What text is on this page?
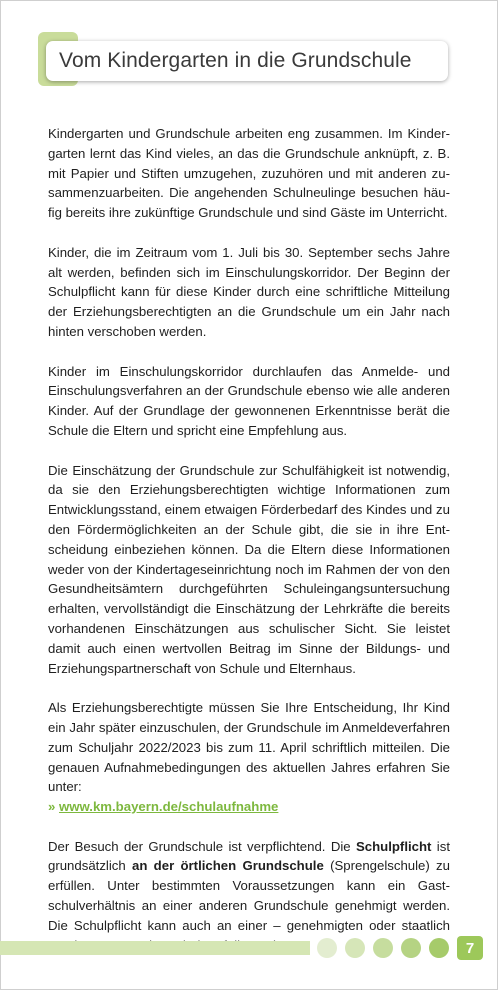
Vom Kindergarten in die Grundschule

Kindergarten und Grundschule arbeiten eng zusammen. Im Kindergarten lernt das Kind vieles, an das die Grundschule anknüpft, z. B. mit Papier und Stiften umzugehen, zuzuhören und mit anderen zusammenzuarbeiten. Die angehenden Schulneulinge besuchen häufig bereits ihre zukünftige Grundschule und sind Gäste im Unterricht.

Kinder, die im Zeitraum vom 1. Juli bis 30. September sechs Jahre alt werden, befinden sich im Einschulungskorridor. Der Beginn der Schulpflicht kann für diese Kinder durch eine schriftliche Mitteilung der Erziehungsberechtigten an die Grundschule um ein Jahr nach hinten verschoben werden.

Kinder im Einschulungskorridor durchlaufen das Anmelde- und Einschulungsverfahren an der Grundschule ebenso wie alle anderen Kinder. Auf der Grundlage der gewonnenen Erkenntnisse berät die Schule die Eltern und spricht eine Empfehlung aus.

Die Einschätzung der Grundschule zur Schulfähigkeit ist notwendig, da sie den Erziehungsberechtigten wichtige Informationen zum Entwicklungsstand, einem etwaigen Förderbedarf des Kindes und zu den Fördermöglichkeiten an der Schule gibt, die sie in ihre Entscheidung einbeziehen können. Da die Eltern diese Informationen weder von der Kindertageseinrichtung noch im Rahmen der von den Gesundheitsämtern durchgeführten Schuleingangsuntersuchung erhalten, vervollständigt die Einschätzung der Lehrkräfte die bereits vorhandenen Einschätzungen aus schulischer Sicht. Sie leistet damit auch einen wertvollen Beitrag im Sinne der Bildungs- und Erziehungspartnerschaft von Schule und Elternhaus.

Als Erziehungsberechtigte müssen Sie Ihre Entscheidung, Ihr Kind ein Jahr später einzuschulen, der Grundschule im Anmeldeverfahren zum Schuljahr 2022/2023 bis zum 11. April schriftlich mitteilen. Die genauen Aufnahmebedingungen des aktuellen Jahres erfahren Sie unter:
» www.km.bayern.de/schulaufnahme

Der Besuch der Grundschule ist verpflichtend. Die Schulpflicht ist grundsätzlich an der örtlichen Grundschule (Sprengelschule) zu erfüllen. Unter bestimmten Voraussetzungen kann ein Gastschulverhältnis an einer anderen Grundschule genehmigt werden. Die Schulpflicht kann auch an einer – genehmigten oder staatlich

7
